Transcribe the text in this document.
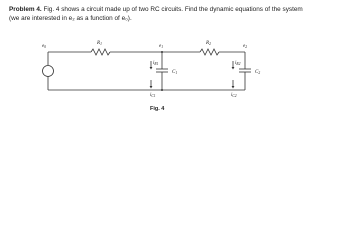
Problem 4. Fig. 4 shows a circuit made up of two RC circuits. Find the dynamic equations of the system
(we are interested in e₂ as a function of e₀).

$e_0$	$e_1$	$e_2$
$R_1$	$R_2$
$C_1$	$C_2$
$i_{R1}$
$i_{C1}$
$i_{R2}$
$i_{C2}$
Fig. 4
